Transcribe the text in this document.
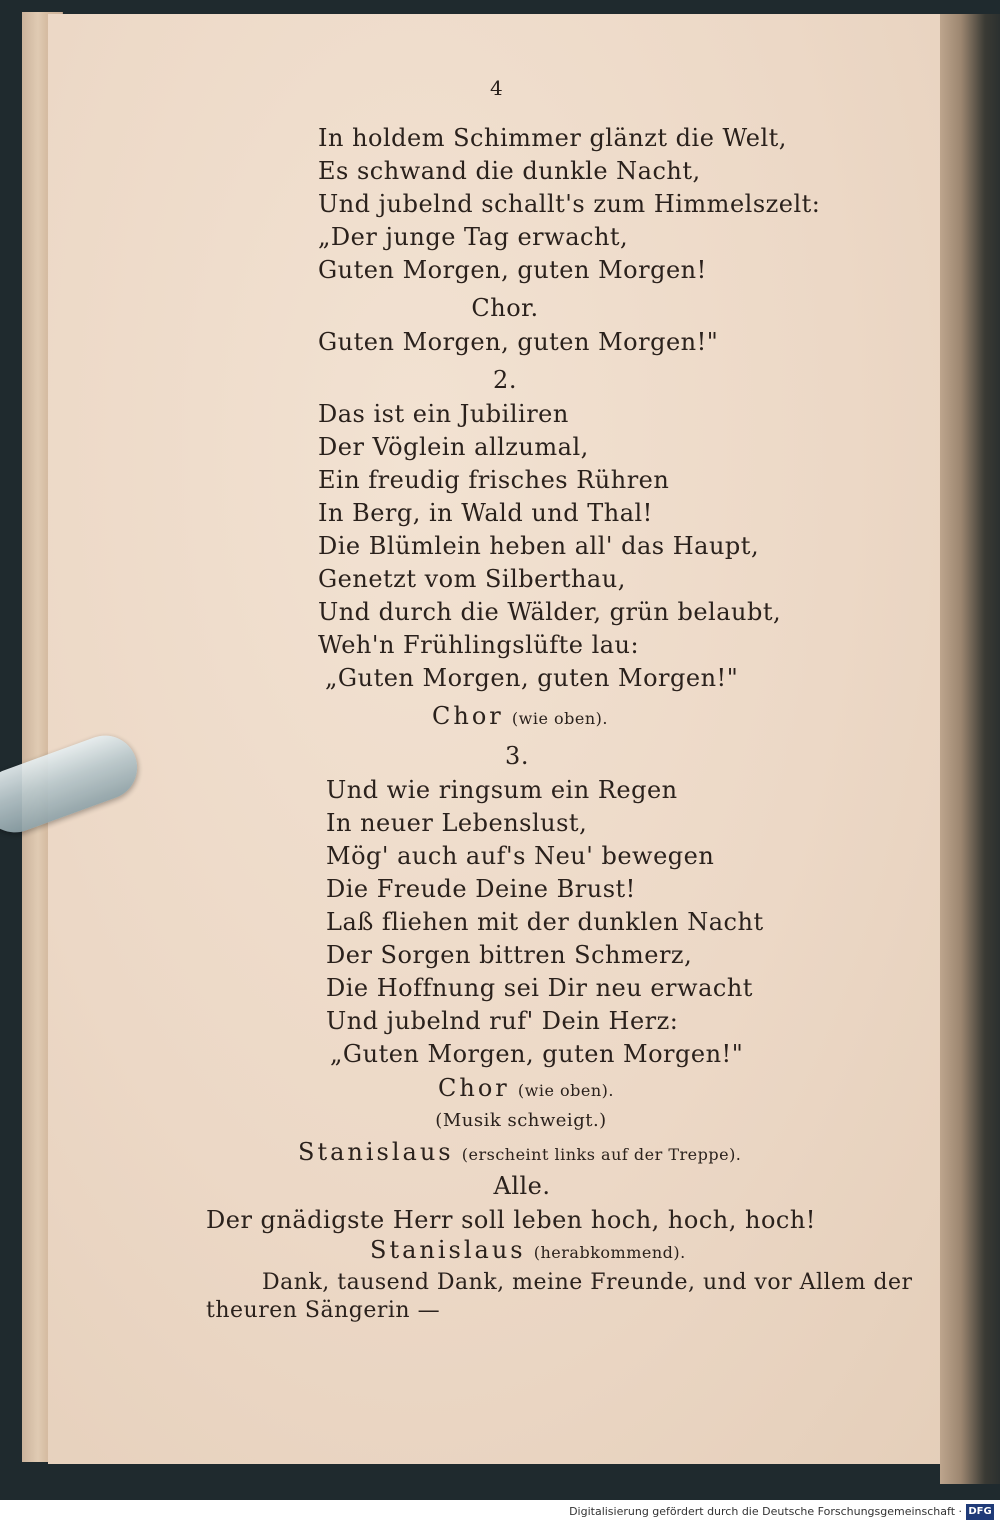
4
In holdem Schimmer glänzt die Welt,
Es schwand die dunkle Nacht,
Und jubelnd schallt's zum Himmelszelt:
„Der junge Tag erwacht,
Guten Morgen, guten Morgen!
Chor.
Guten Morgen, guten Morgen!"
2.
Das ist ein Jubiliren
Der Vöglein allzumal,
Ein freudig frisches Rühren
In Berg, in Wald und Thal!
Die Blümlein heben all' das Haupt,
Genetzt vom Silberthau,
Und durch die Wälder, grün belaubt,
Weh'n Frühlingslüfte lau:
„Guten Morgen, guten Morgen!"
Chor (wie oben).
3.
Und wie ringsum ein Regen
In neuer Lebenslust,
Mög' auch auf's Neu' bewegen
Die Freude Deine Brust!
Laß fliehen mit der dunklen Nacht
Der Sorgen bittren Schmerz,
Die Hoffnung sei Dir neu erwacht
Und jubelnd ruf' Dein Herz:
„Guten Morgen, guten Morgen!"
Chor (wie oben).
(Musik schweigt.)
Stanislaus (erscheint links auf der Treppe).
Alle.
Der gnädigste Herr soll leben hoch, hoch, hoch!
Stanislaus (herabkommend).
Dank, tausend Dank, meine Freunde, und vor Allem der
theuren Sängerin —
Digitalisierung gefördert durch die Deutsche Forschungsgemeinschaft · DFG
